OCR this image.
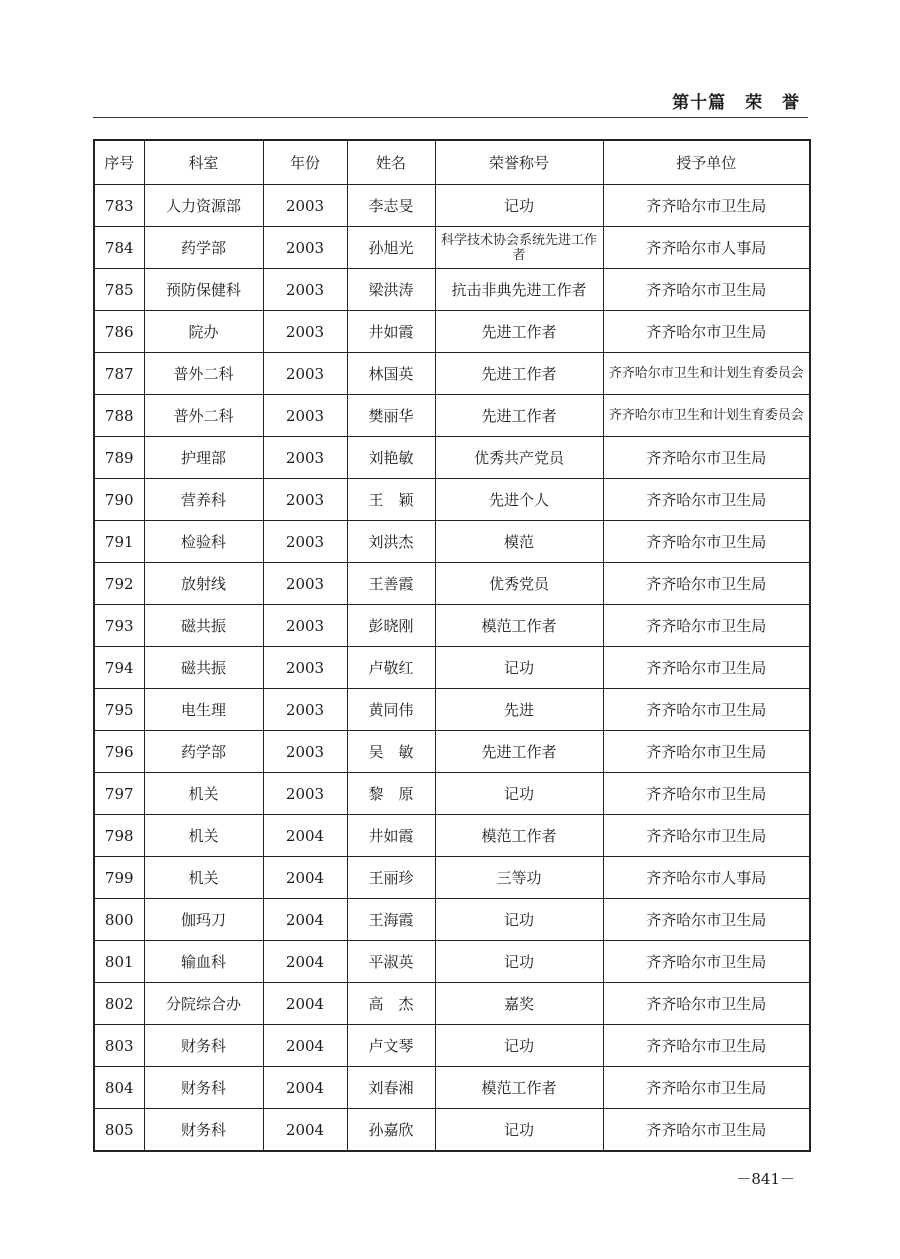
第十篇 荣 誉
序号	科室	年份	姓名	荣誉称号	授予单位
783	人力资源部	2003	李志旻	记功	齐齐哈尔市卫生局
784	药学部	2003	孙旭光	科学技术协会系统先进工作者	齐齐哈尔市人事局
785	预防保健科	2003	梁洪涛	抗击非典先进工作者	齐齐哈尔市卫生局
786	院办	2003	井如霞	先进工作者	齐齐哈尔市卫生局
787	普外二科	2003	林国英	先进工作者	齐齐哈尔市卫生和计划生育委员会
788	普外二科	2003	樊丽华	先进工作者	齐齐哈尔市卫生和计划生育委员会
789	护理部	2003	刘艳敏	优秀共产党员	齐齐哈尔市卫生局
790	营养科	2003	王　颖	先进个人	齐齐哈尔市卫生局
791	检验科	2003	刘洪杰	模范	齐齐哈尔市卫生局
792	放射线	2003	王善霞	优秀党员	齐齐哈尔市卫生局
793	磁共振	2003	彭晓刚	模范工作者	齐齐哈尔市卫生局
794	磁共振	2003	卢敬红	记功	齐齐哈尔市卫生局
795	电生理	2003	黄同伟	先进	齐齐哈尔市卫生局
796	药学部	2003	吴　敏	先进工作者	齐齐哈尔市卫生局
797	机关	2003	黎　原	记功	齐齐哈尔市卫生局
798	机关	2004	井如霞	模范工作者	齐齐哈尔市卫生局
799	机关	2004	王丽珍	三等功	齐齐哈尔市人事局
800	伽玛刀	2004	王海霞	记功	齐齐哈尔市卫生局
801	输血科	2004	平淑英	记功	齐齐哈尔市卫生局
802	分院综合办	2004	高　杰	嘉奖	齐齐哈尔市卫生局
803	财务科	2004	卢文琴	记功	齐齐哈尔市卫生局
804	财务科	2004	刘春湘	模范工作者	齐齐哈尔市卫生局
805	财务科	2004	孙嘉欣	记功	齐齐哈尔市卫生局
－841－
